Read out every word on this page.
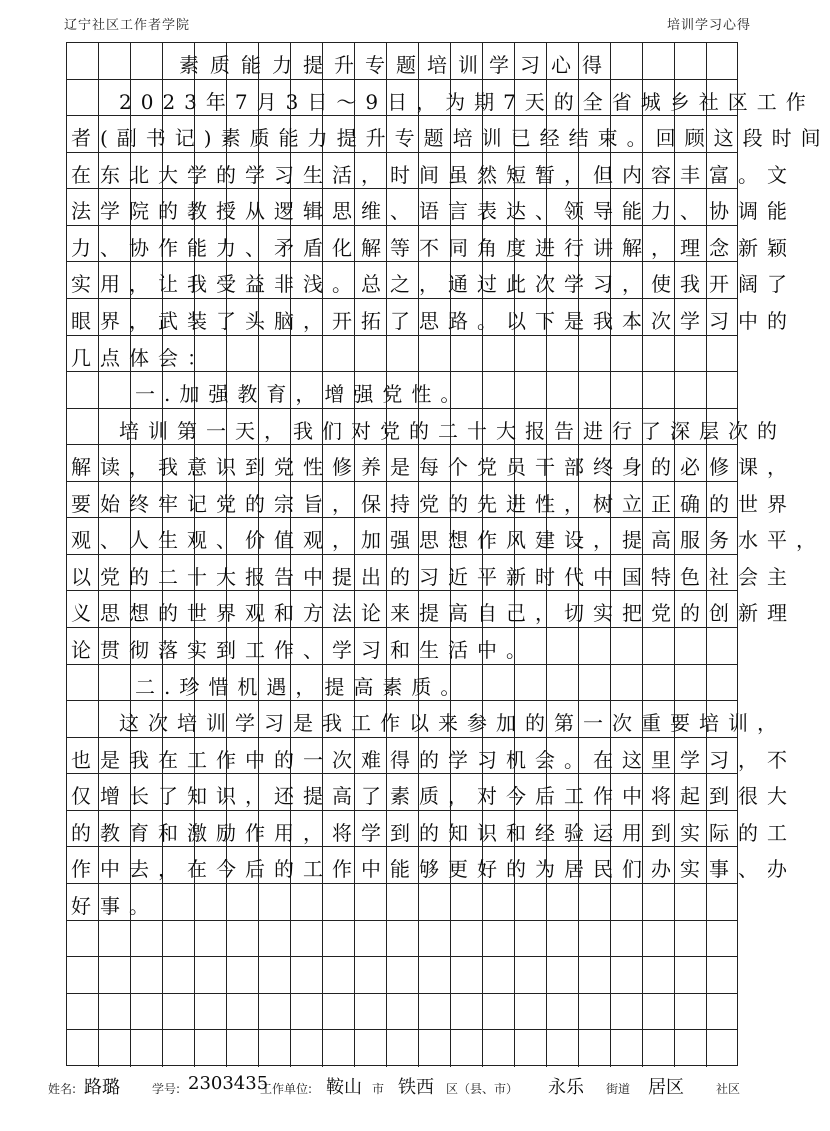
辽宁社区工作者学院	培训学习心得
素质能力提升专题培训学习心得
2023年7月3日～9日，为期7天的全省城乡社区工作
者(副书记)素质能力提升专题培训已经结束。回顾这段时间
在东北大学的学习生活，时间虽然短暂，但内容丰富。文
法学院的教授从逻辑思维、语言表达、领导能力、协调能
力、协作能力、矛盾化解等不同角度进行讲解，理念新颖
实用，让我受益非浅。总之，通过此次学习，使我开阔了
眼界，武装了头脑，开拓了思路。以下是我本次学习中的
几点体会：
一.加强教育，增强党性。
培训第一天，我们对党的二十大报告进行了深层次的
解读，我意识到党性修养是每个党员干部终身的必修课，
要始终牢记党的宗旨，保持党的先进性，树立正确的世界
观、人生观、价值观，加强思想作风建设，提高服务水平，
以党的二十大报告中提出的习近平新时代中国特色社会主
义思想的世界观和方法论来提高自己，切实把党的创新理
论贯彻落实到工作、学习和生活中。
二.珍惜机遇，提高素质。
这次培训学习是我工作以来参加的第一次重要培训，
也是我在工作中的一次难得的学习机会。在这里学习，不
仅增长了知识，还提高了素质，对今后工作中将起到很大
的教育和激励作用，将学到的知识和经验运用到实际的工
作中去，在今后的工作中能够更好的为居民们办实事、办
好事。
姓名: 路璐	学号: 2303435
工作单位: 鞍山 市 铁西 区（县、市） 永乐 街道 居区	社区
